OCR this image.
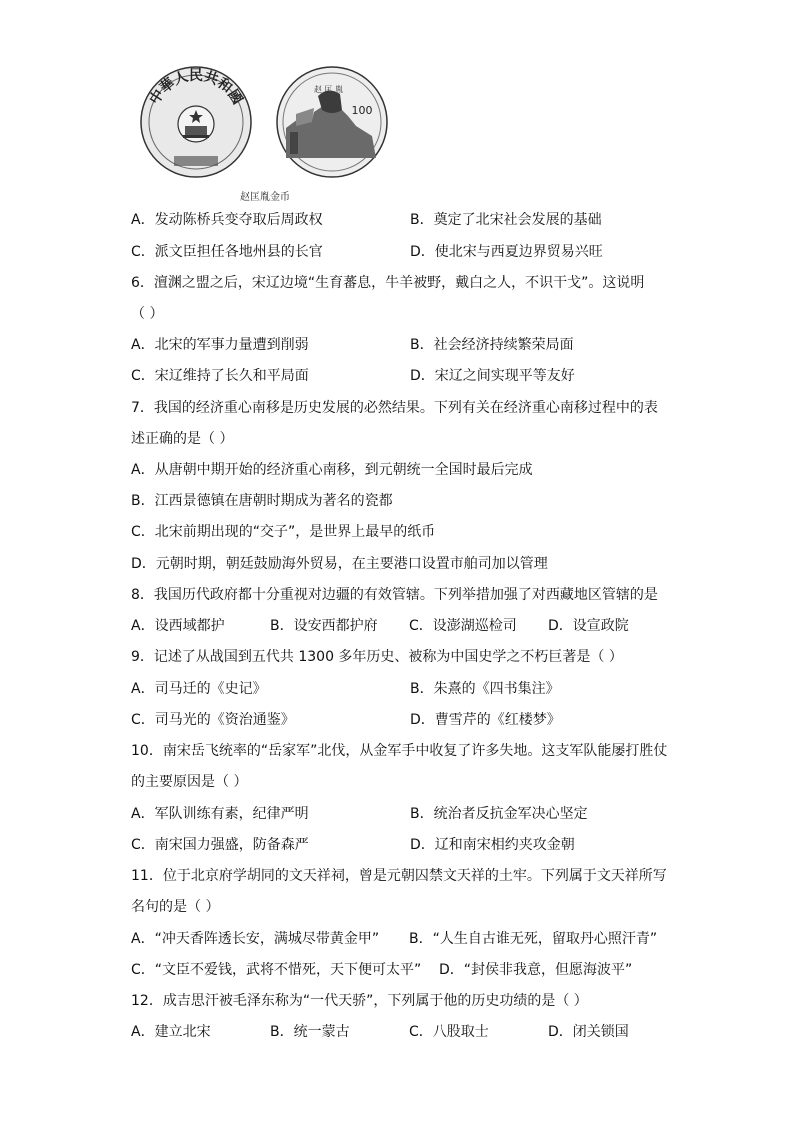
中華人民共和國
100
赵 匡 胤
赵匡胤金币
A．发动陈桥兵变夺取后周政权	B．奠定了北宋社会发展的基础
C．派文臣担任各地州县的长官	D．使北宋与西夏边界贸易兴旺
6．澶渊之盟之后，宋辽边境“生育蕃息，牛羊被野，戴白之人，不识干戈”。这说明
（ ）
A．北宋的军事力量遭到削弱	B．社会经济持续繁荣局面
C．宋辽维持了长久和平局面	D．宋辽之间实现平等友好
7．我国的经济重心南移是历史发展的必然结果。下列有关在经济重心南移过程中的表
述正确的是（ ）
A．从唐朝中期开始的经济重心南移，到元朝统一全国时最后完成
B．江西景德镇在唐朝时期成为著名的瓷都
C．北宋前期出现的“交子”，是世界上最早的纸币
D．元朝时期，朝廷鼓励海外贸易，在主要港口设置市舶司加以管理
8．我国历代政府都十分重视对边疆的有效管辖。下列举措加强了对西藏地区管辖的是
A．设西域都护	B．设安西都护府 C．设澎湖巡检司 D．设宣政院
9．记述了从战国到五代共 1300 多年历史、被称为中国史学之不朽巨著是（ ）
A．司马迁的《史记》	B．朱熹的《四书集注》
C．司马光的《资治通鉴》	D．曹雪芹的《红楼梦》
10．南宋岳飞统率的“岳家军”北伐，从金军手中收复了许多失地。这支军队能屡打胜仗
的主要原因是（ ）
A．军队训练有素，纪律严明	B．统治者反抗金军决心坚定
C．南宋国力强盛，防备森严	D．辽和南宋相约夹攻金朝
11．位于北京府学胡同的文天祥祠，曾是元朝囚禁文天祥的土牢。下列属于文天祥所写
名句的是（ ）
A．“冲天香阵透长安，满城尽带黄金甲” B．“人生自古谁无死，留取丹心照汗青”
C．“文臣不爱钱，武将不惜死，天下便可太平” D．“封侯非我意，但愿海波平”
12．成吉思汗被毛泽东称为“一代天骄”，下列属于他的历史功绩的是（ ）
A．建立北宋	B．统一蒙古	C．八股取士	D．闭关锁国
